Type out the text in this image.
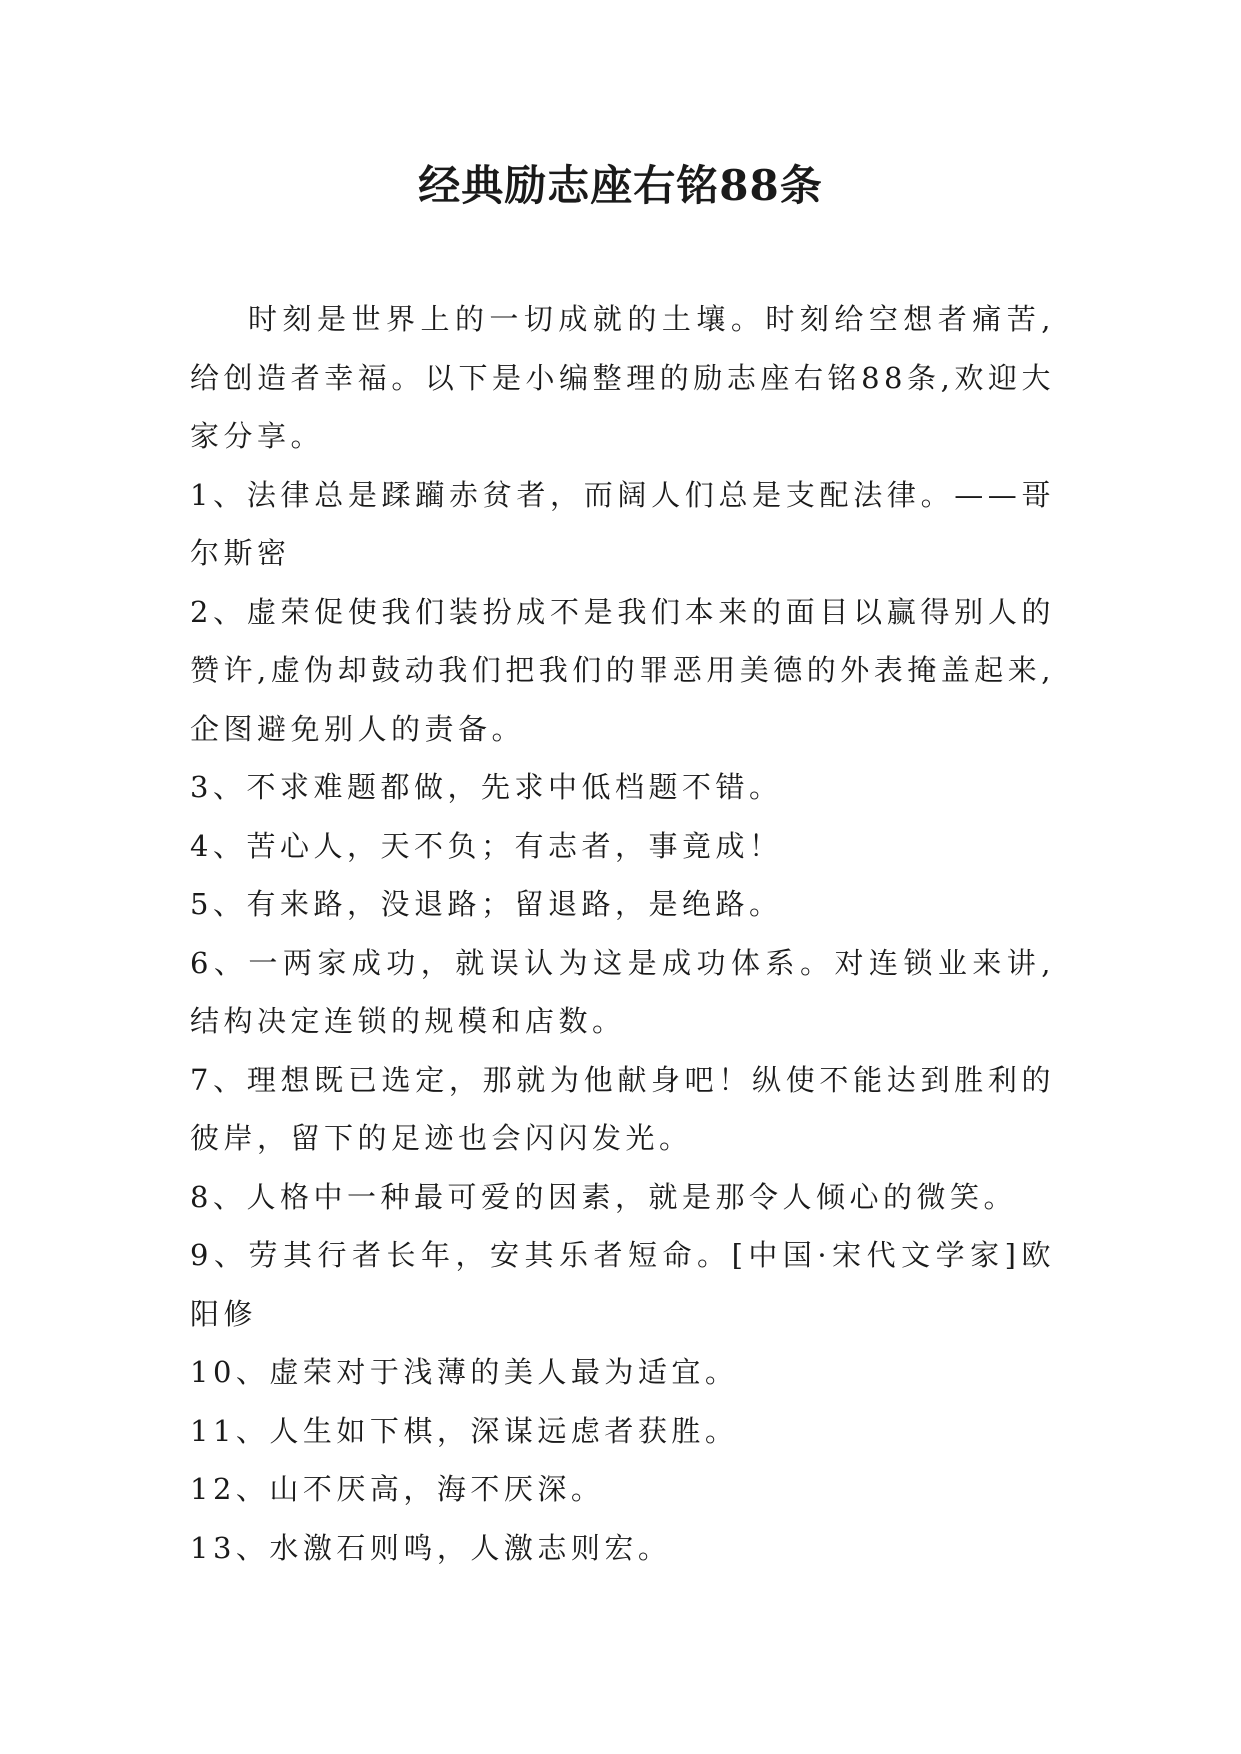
经典励志座右铭88条

时刻是世界上的一切成就的土壤。时刻给空想者痛苦,给创造者幸福。以下是小编整理的励志座右铭88条,欢迎大家分享。

1、法律总是蹂躏赤贫者，而阔人们总是支配法律。——哥尔斯密

2、虚荣促使我们装扮成不是我们本来的面目以赢得别人的赞许,虚伪却鼓动我们把我们的罪恶用美德的外表掩盖起来,企图避免别人的责备。

3、不求难题都做，先求中低档题不错。

4、苦心人，天不负；有志者，事竟成！

5、有来路，没退路；留退路，是绝路。

6、一两家成功，就误认为这是成功体系。对连锁业来讲,结构决定连锁的规模和店数。

7、理想既已选定，那就为他献身吧！纵使不能达到胜利的彼岸，留下的足迹也会闪闪发光。

8、人格中一种最可爱的因素，就是那令人倾心的微笑。

9、劳其行者长年，安其乐者短命。[中国·宋代文学家]欧阳修

10、虚荣对于浅薄的美人最为适宜。

11、人生如下棋，深谋远虑者获胜。

12、山不厌高，海不厌深。

13、水激石则鸣，人激志则宏。
